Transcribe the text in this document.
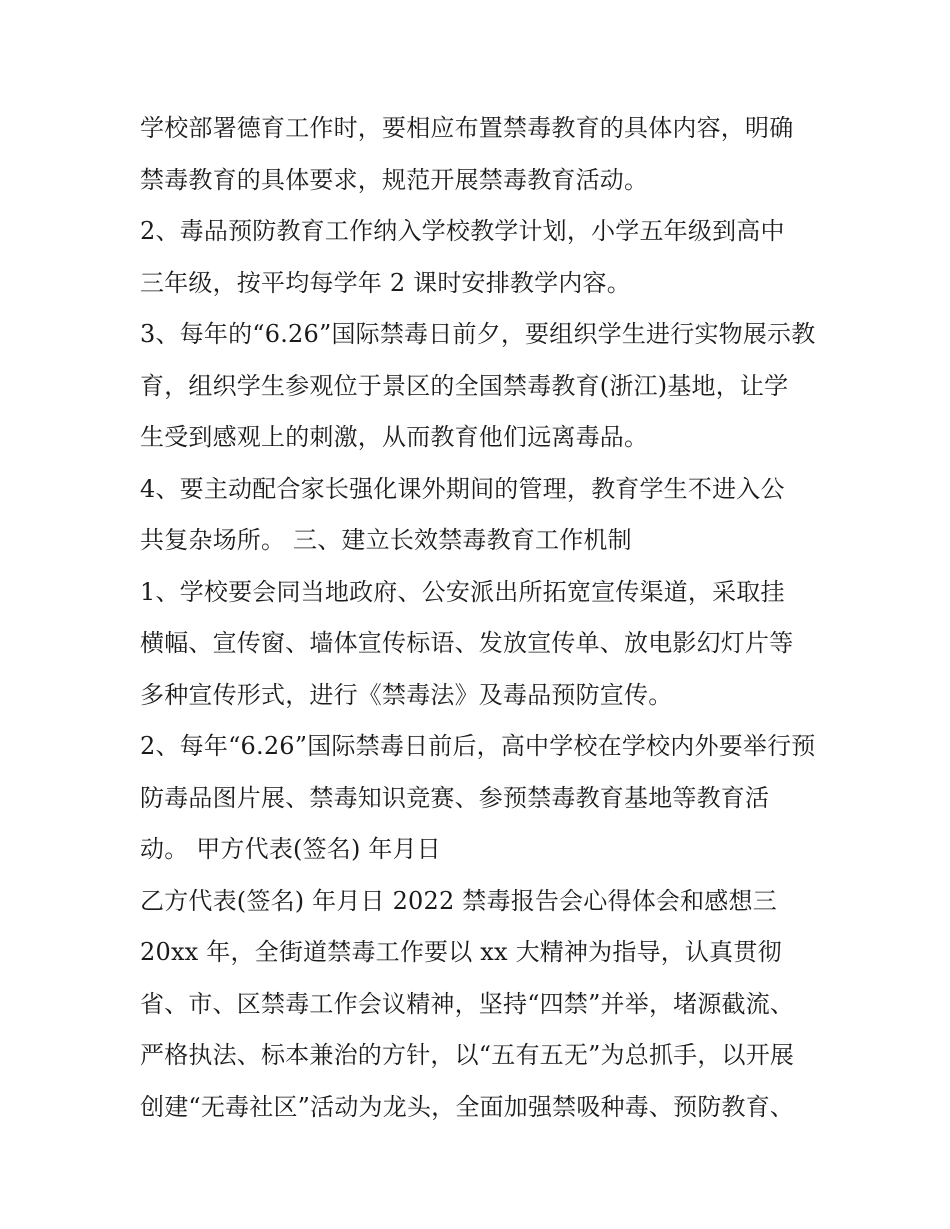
学校部署德育工作时，要相应布置禁毒教育的具体内容，明确
禁毒教育的具体要求，规范开展禁毒教育活动。
2、毒品预防教育工作纳入学校教学计划，小学五年级到高中
三年级，按平均每学年 2 课时安排教学内容。
3、每年的“6.26”国际禁毒日前夕，要组织学生进行实物展示教
育，组织学生参观位于景区的全国禁毒教育(浙江)基地，让学
生受到感观上的刺激，从而教育他们远离毒品。
4、要主动配合家长强化课外期间的管理，教育学生不进入公
共复杂场所。 三、建立长效禁毒教育工作机制
1、学校要会同当地政府、公安派出所拓宽宣传渠道，采取挂
横幅、宣传窗、墙体宣传标语、发放宣传单、放电影幻灯片等
多种宣传形式，进行《禁毒法》及毒品预防宣传。
2、每年“6.26”国际禁毒日前后，高中学校在学校内外要举行预
防毒品图片展、禁毒知识竞赛、参预禁毒教育基地等教育活
动。 甲方代表(签名) 年月日
乙方代表(签名) 年月日 2022 禁毒报告会心得体会和感想三
20xx 年，全街道禁毒工作要以 xx 大精神为指导，认真贯彻
省、市、区禁毒工作会议精神，坚持“四禁”并举，堵源截流、
严格执法、标本兼治的方针，以“五有五无”为总抓手，以开展
创建“无毒社区”活动为龙头，全面加强禁吸种毒、预防教育、
